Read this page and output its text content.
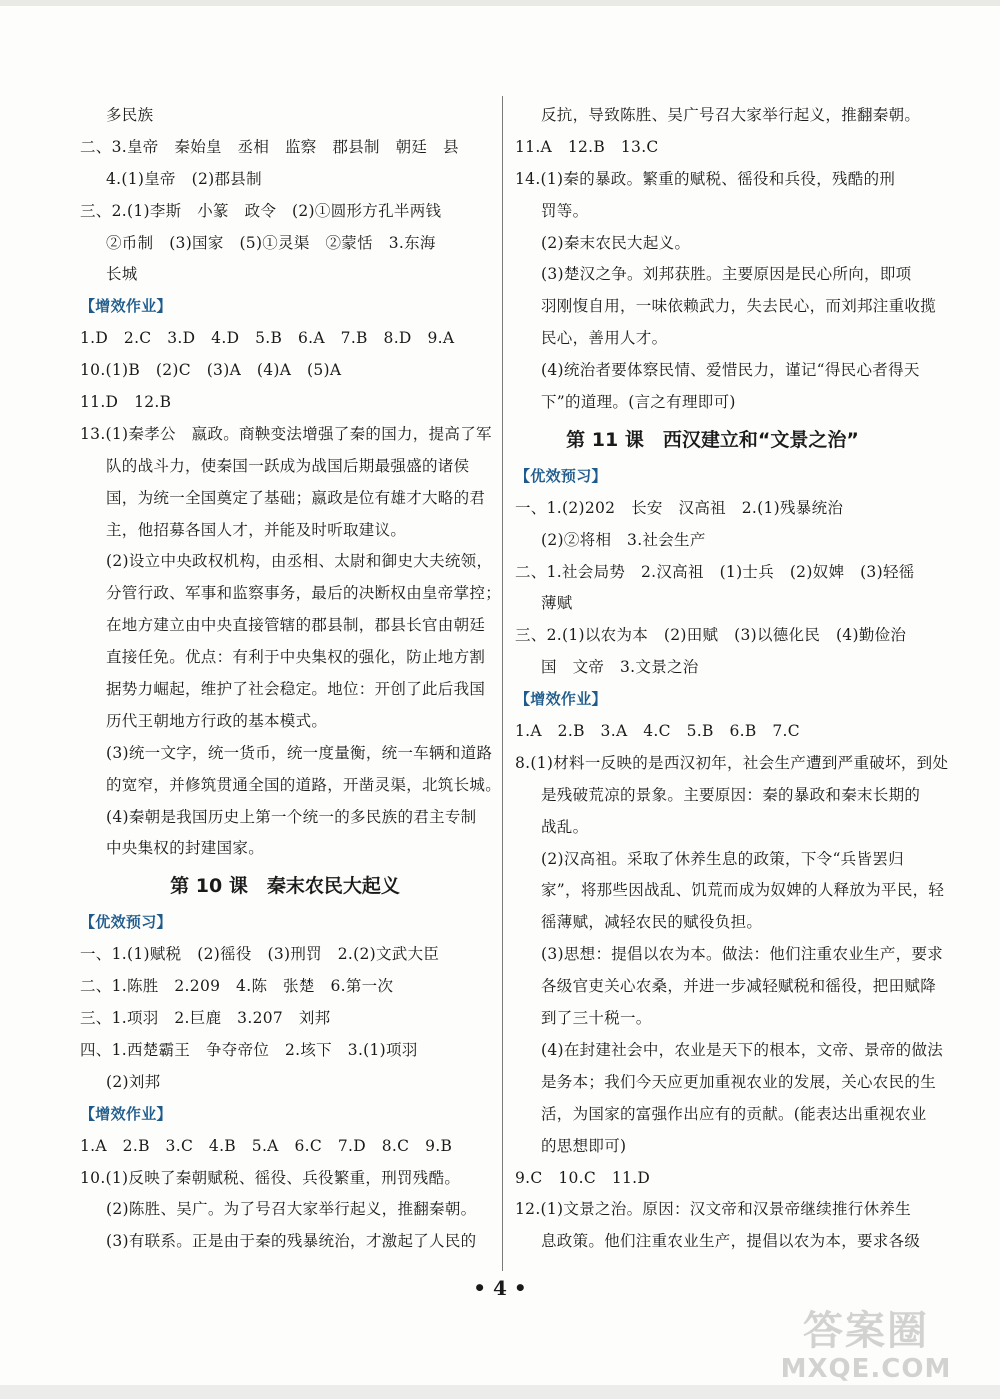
多民族
二、3.皇帝　秦始皇　丞相　监察　郡县制　朝廷　县
4.(1)皇帝　(2)郡县制
三、2.(1)李斯　小篆　政令　(2)①圆形方孔半两钱
②币制　(3)国家　(5)①灵渠　②蒙恬　3.东海
长城
【增效作业】
1.D　2.C　3.D　4.D　5.B　6.A　7.B　8.D　9.A
10.(1)B　(2)C　(3)A　(4)A　(5)A
11.D　12.B
13.(1)秦孝公　嬴政。商鞅变法增强了秦的国力，提高了军
队的战斗力，使秦国一跃成为战国后期最强盛的诸侯
国，为统一全国奠定了基础；嬴政是位有雄才大略的君
主，他招募各国人才，并能及时听取建议。
(2)设立中央政权机构，由丞相、太尉和御史大夫统领，
分管行政、军事和监察事务，最后的决断权由皇帝掌控；
在地方建立由中央直接管辖的郡县制，郡县长官由朝廷
直接任免。优点：有利于中央集权的强化，防止地方割
据势力崛起，维护了社会稳定。地位：开创了此后我国
历代王朝地方行政的基本模式。
(3)统一文字，统一货币，统一度量衡，统一车辆和道路
的宽窄，并修筑贯通全国的道路，开凿灵渠，北筑长城。
(4)秦朝是我国历史上第一个统一的多民族的君主专制
中央集权的封建国家。
第 10 课　秦末农民大起义
【优效预习】
一、1.(1)赋税　(2)徭役　(3)刑罚　2.(2)文武大臣
二、1.陈胜　2.209　4.陈　张楚　6.第一次
三、1.项羽　2.巨鹿　3.207　刘邦
四、1.西楚霸王　争夺帝位　2.垓下　3.(1)项羽
(2)刘邦
【增效作业】
1.A　2.B　3.C　4.B　5.A　6.C　7.D　8.C　9.B
10.(1)反映了秦朝赋税、徭役、兵役繁重，刑罚残酷。
(2)陈胜、吴广。为了号召大家举行起义，推翻秦朝。
(3)有联系。正是由于秦的残暴统治，才激起了人民的
反抗，导致陈胜、吴广号召大家举行起义，推翻秦朝。
11.A　12.B　13.C
14.(1)秦的暴政。繁重的赋税、徭役和兵役，残酷的刑
罚等。
(2)秦末农民大起义。
(3)楚汉之争。刘邦获胜。主要原因是民心所向，即项
羽刚愎自用，一味依赖武力，失去民心，而刘邦注重收揽
民心，善用人才。
(4)统治者要体察民情、爱惜民力，谨记“得民心者得天
下”的道理。(言之有理即可)
第 11 课　西汉建立和“文景之治”
【优效预习】
一、1.(2)202　长安　汉高祖　2.(1)残暴统治
(2)②将相　3.社会生产
二、1.社会局势　2.汉高祖　(1)士兵　(2)奴婢　(3)轻徭
薄赋
三、2.(1)以农为本　(2)田赋　(3)以德化民　(4)勤俭治
国　文帝　3.文景之治
【增效作业】
1.A　2.B　3.A　4.C　5.B　6.B　7.C
8.(1)材料一反映的是西汉初年，社会生产遭到严重破坏，到处
是残破荒凉的景象。主要原因：秦的暴政和秦末长期的
战乱。
(2)汉高祖。采取了休养生息的政策，下令“兵皆罢归
家”，将那些因战乱、饥荒而成为奴婢的人释放为平民，轻
徭薄赋，减轻农民的赋役负担。
(3)思想：提倡以农为本。做法：他们注重农业生产，要求
各级官吏关心农桑，并进一步减轻赋税和徭役，把田赋降
到了三十税一。
(4)在封建社会中，农业是天下的根本，文帝、景帝的做法
是务本；我们今天应更加重视农业的发展，关心农民的生
活，为国家的富强作出应有的贡献。(能表达出重视农业
的思想即可)
9.C　10.C　11.D
12.(1)文景之治。原因：汉文帝和汉景帝继续推行休养生
息政策。他们注重农业生产，提倡以农为本，要求各级
• 4 •
答案圈
MXQE.COM
